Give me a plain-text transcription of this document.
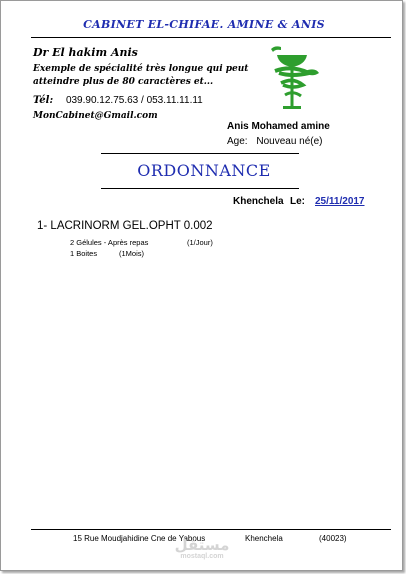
CABINET EL-CHIFAE. AMINE & ANIS
Dr El hakim Anis
Exemple de spécialité très longue qui peut atteindre plus de 80 caractères et...
Tél: 039.90.12.75.63 / 053.11.11.11
MonCabinet@Gmail.com
Anis Mohamed amine
Age: Nouveau né(e)
ORDONNANCE
Khenchela Le: 25/11/2017
1- LACRINORM GEL.OPHT 0.002
2 Gélules - Après repas	(1/Jour)
1 Boites	(1Mois)
15 Rue Moudjahidine Cne de Yabous	Khenchela	(40023)
مستقل
mostaql.com
